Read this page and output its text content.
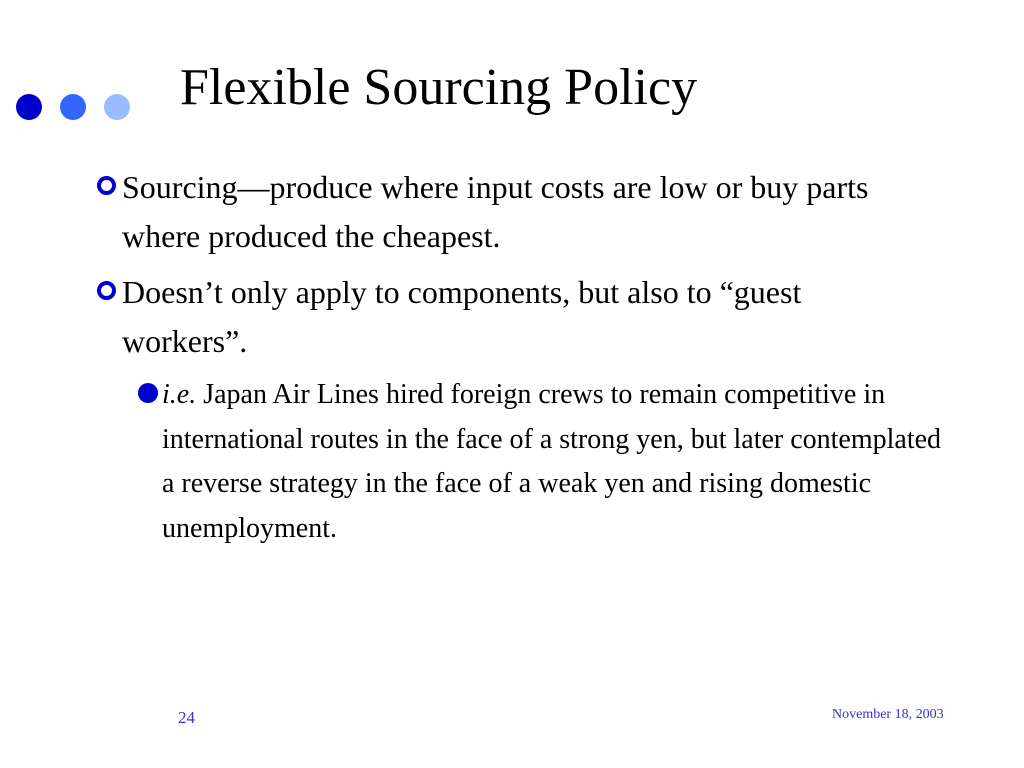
Flexible Sourcing Policy
Sourcing—produce where input costs are low or buy parts where produced the cheapest.
Doesn’t only apply to components, but also to “guest workers”.
i.e. Japan Air Lines hired foreign crews to remain competitive in international routes in the face of a strong yen, but later contemplated a reverse strategy in the face of a weak yen and rising domestic unemployment.
24	November 18, 2003
